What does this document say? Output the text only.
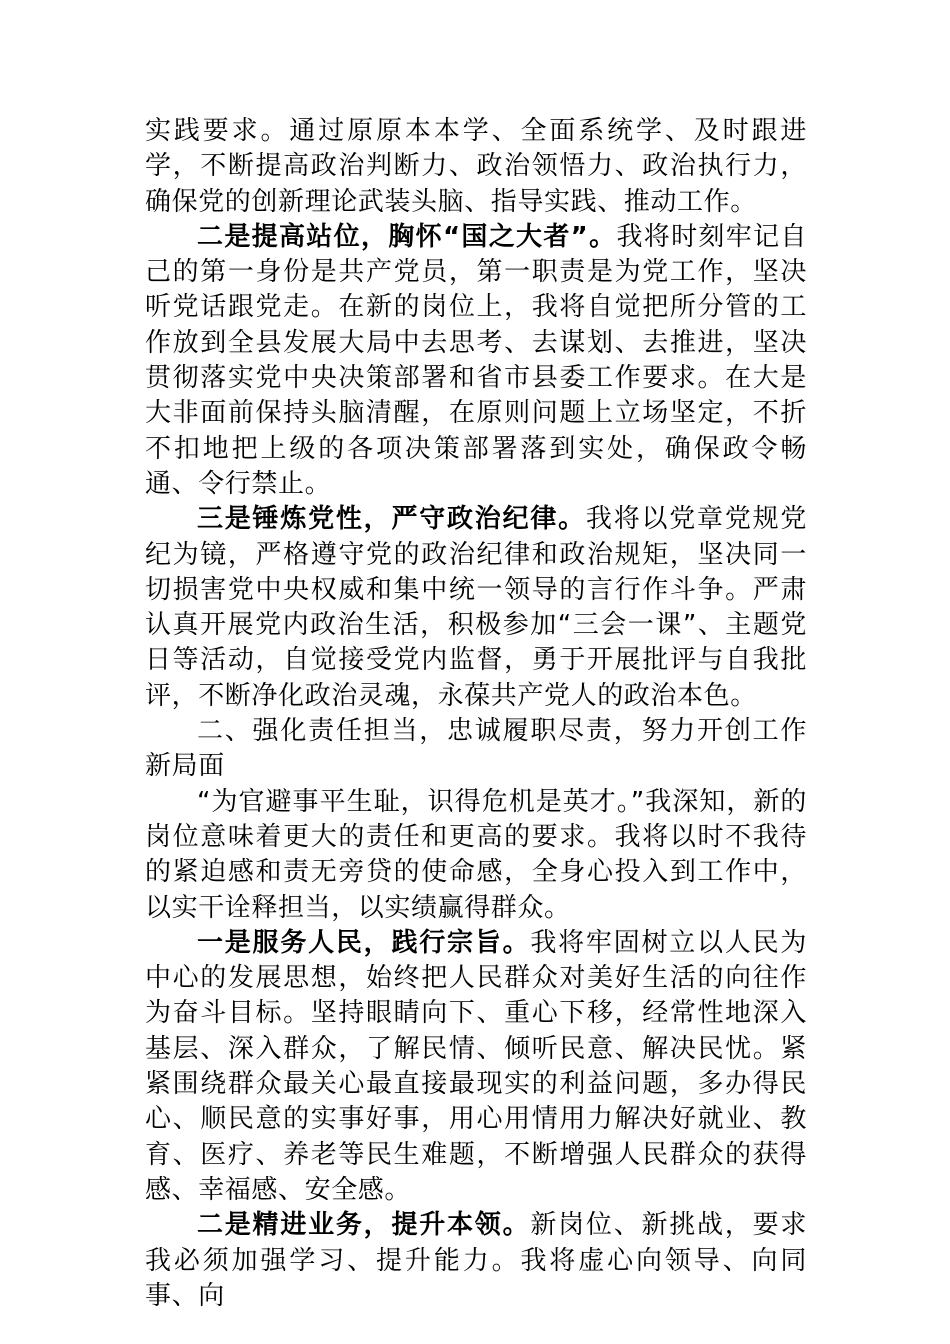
实践要求。通过原原本本学、全面系统学、及时跟进学，不断提高政治判断力、政治领悟力、政治执行力，确保党的创新理论武装头脑、指导实践、推动工作。

二是提高站位，胸怀“国之大者”。我将时刻牢记自己的第一身份是共产党员，第一职责是为党工作，坚决听党话跟党走。在新的岗位上，我将自觉把所分管的工作放到全县发展大局中去思考、去谋划、去推进，坚决贯彻落实党中央决策部署和省市县委工作要求。在大是大非面前保持头脑清醒，在原则问题上立场坚定，不折不扣地把上级的各项决策部署落到实处，确保政令畅通、令行禁止。

三是锤炼党性，严守政治纪律。我将以党章党规党纪为镜，严格遵守党的政治纪律和政治规矩，坚决同一切损害党中央权威和集中统一领导的言行作斗争。严肃认真开展党内政治生活，积极参加“三会一课”、主题党日等活动，自觉接受党内监督，勇于开展批评与自我批评，不断净化政治灵魂，永葆共产党人的政治本色。

二、强化责任担当，忠诚履职尽责，努力开创工作新局面

“为官避事平生耻，识得危机是英才。”我深知，新的岗位意味着更大的责任和更高的要求。我将以时不我待的紧迫感和责无旁贷的使命感，全身心投入到工作中，以实干诠释担当，以实绩赢得群众。

一是服务人民，践行宗旨。我将牢固树立以人民为中心的发展思想，始终把人民群众对美好生活的向往作为奋斗目标。坚持眼睛向下、重心下移，经常性地深入基层、深入群众，了解民情、倾听民意、解决民忧。紧紧围绕群众最关心最直接最现实的利益问题，多办得民心、顺民意的实事好事，用心用情用力解决好就业、教育、医疗、养老等民生难题，不断增强人民群众的获得感、幸福感、安全感。

二是精进业务，提升本领。新岗位、新挑战，要求我必须加强学习、提升能力。我将虚心向领导、向同事、向
